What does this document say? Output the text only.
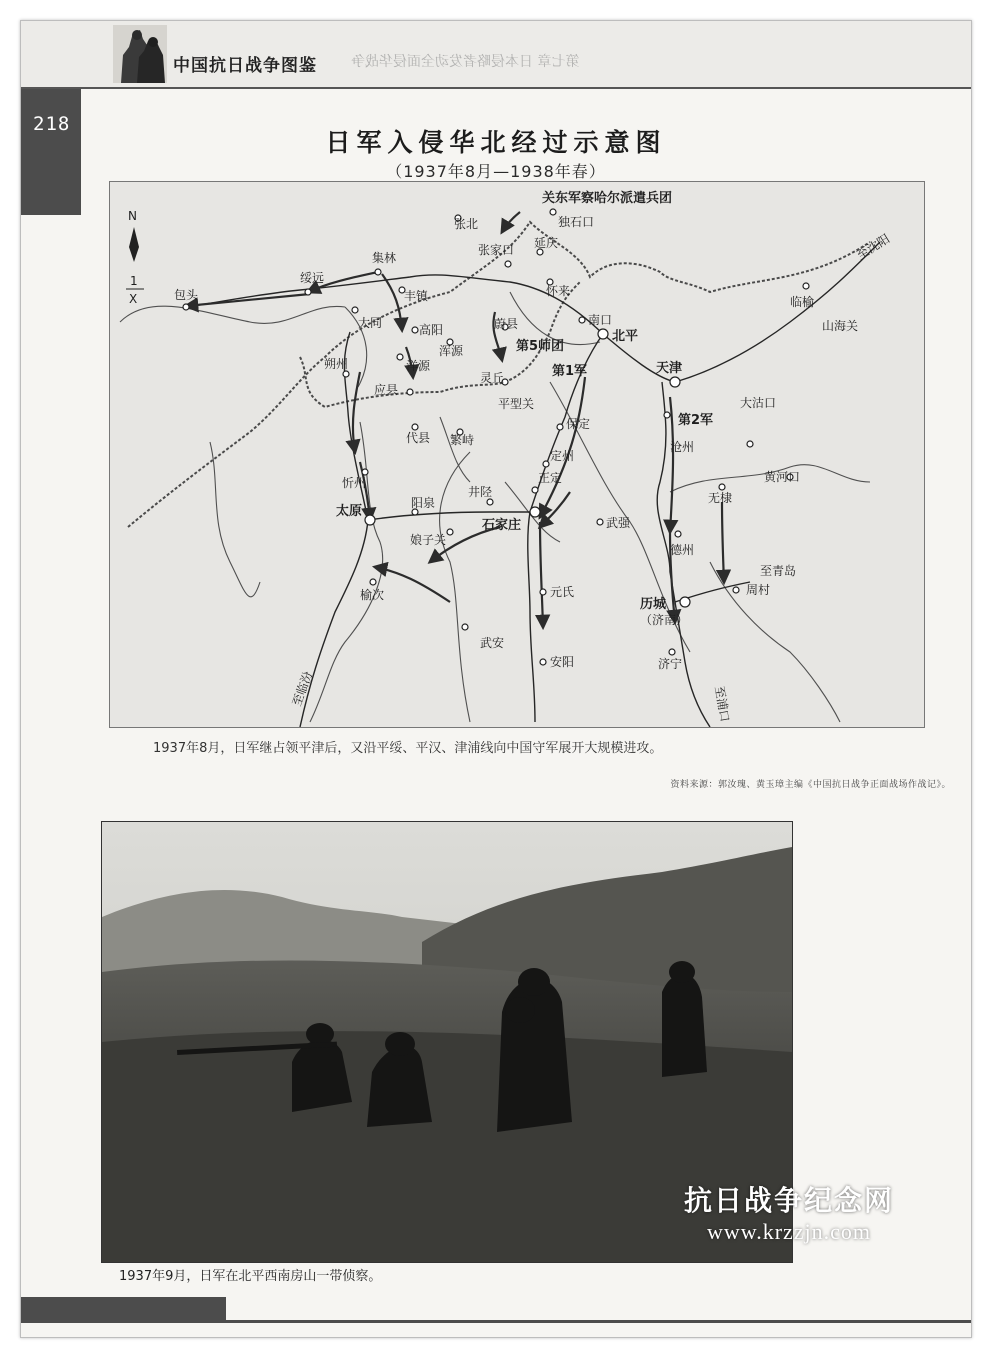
中国抗日战争图鉴 第七章 日本侵略者发动全面侵华战争
218
日军入侵华北经过示意图
（1937年8月—1938年春）
N
1
X	包头
绥远
集林
丰镇
大同	高阳
浑源
洋源
朔州
应县
张北
张家口
独石口
延庆
怀来
蔚县	南口
北平
灵丘
平型关
代县 繁峙
忻州
太原
阳泉
井陉
石家庄
娘子关
榆次
武安
元氏
安阳
正定
定州
保定
武强
天津
大沽口
沧州
黄河口
无棣
德州
历城
（济南）
周村
济宁
临榆
山海关
至沈阳
至青岛
至浦口
至临汾
关东军察哈尔派遣兵团
第5师团
第1军
第2军
1937年8月，日军继占领平津后，又沿平绥、平汉、津浦线向中国守军展开大规模进攻。
资料来源：郭汝瑰、黄玉璋主编《中国抗日战争正面战场作战记》。
1937年9月，日军在北平西南房山一带侦察。
抗日战争纪念网
www.krzzjn.com
